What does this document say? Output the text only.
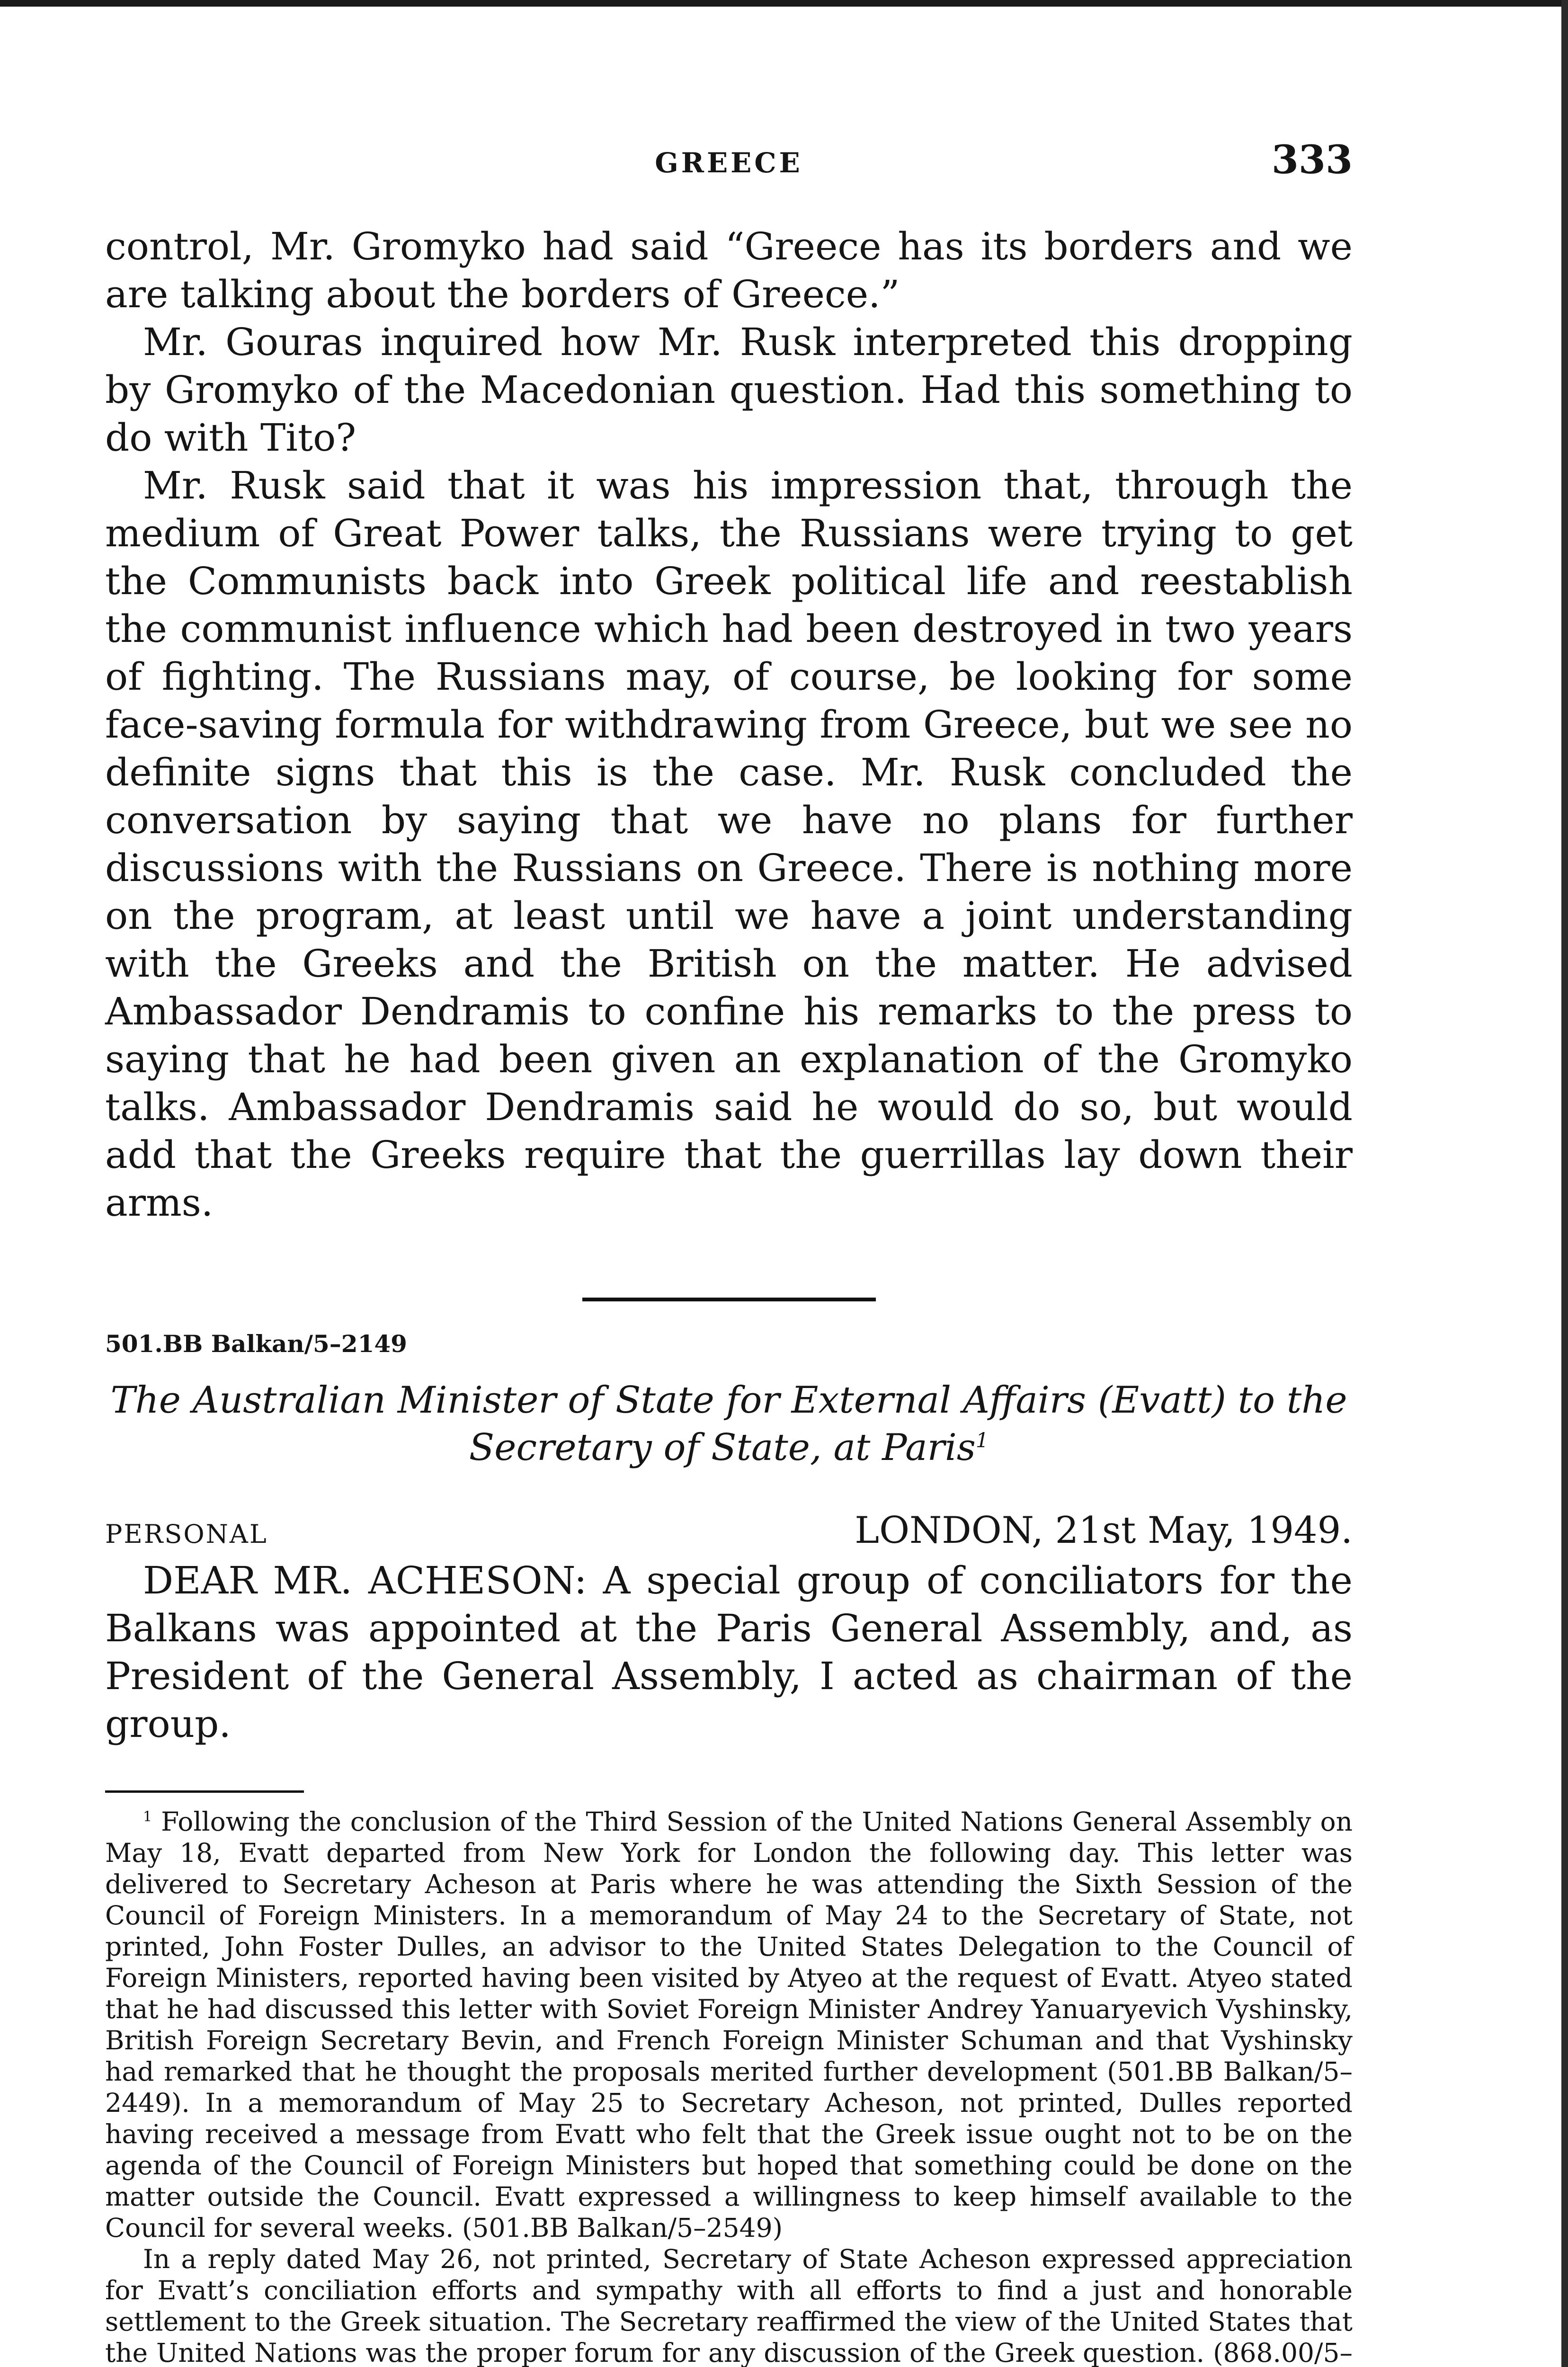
GREECE	333

control, Mr. Gromyko had said “Greece has its borders and we are talking about the borders of Greece.”

Mr. Gouras inquired how Mr. Rusk interpreted this dropping by Gromyko of the Macedonian question. Had this something to do with Tito?

Mr. Rusk said that it was his impression that, through the medium of Great Power talks, the Russians were trying to get the Communists back into Greek political life and reestablish the communist influence which had been destroyed in two years of fighting. The Russians may, of course, be looking for some face-saving formula for withdrawing from Greece, but we see no definite signs that this is the case. Mr. Rusk concluded the conversation by saying that we have no plans for further discussions with the Russians on Greece. There is nothing more on the program, at least until we have a joint understanding with the Greeks and the British on the matter. He advised Ambassador Dendramis to confine his remarks to the press to saying that he had been given an explanation of the Gromyko talks. Ambassador Dendramis said he would do so, but would add that the Greeks require that the guerrillas lay down their arms.

501.BB Balkan/5–2149

The Australian Minister of State for External Affairs (Evatt) to the Secretary of State, at Paris$^1$

PERSONAL	LONDON, 21st May, 1949.

DEAR MR. ACHESON: A special group of conciliators for the Balkans was appointed at the Paris General Assembly, and, as President of the General Assembly, I acted as chairman of the group.

$^1$ Following the conclusion of the Third Session of the United Nations General Assembly on May 18, Evatt departed from New York for London the following day. This letter was delivered to Secretary Acheson at Paris where he was attending the Sixth Session of the Council of Foreign Ministers. In a memorandum of May 24 to the Secretary of State, not printed, John Foster Dulles, an advisor to the United States Delegation to the Council of Foreign Ministers, reported having been visited by Atyeo at the request of Evatt. Atyeo stated that he had discussed this letter with Soviet Foreign Minister Andrey Yanuaryevich Vyshinsky, British Foreign Secretary Bevin, and French Foreign Minister Schuman and that Vyshinsky had remarked that he thought the proposals merited further development (501.BB Balkan/5–2449). In a memorandum of May 25 to Secretary Acheson, not printed, Dulles reported having received a message from Evatt who felt that the Greek issue ought not to be on the agenda of the Council of Foreign Ministers but hoped that something could be done on the matter outside the Council. Evatt expressed a willingness to keep himself available to the Council for several weeks. (501.BB Balkan/5–2549)

In a reply dated May 26, not printed, Secretary of State Acheson expressed appreciation for Evatt’s conciliation efforts and sympathy with all efforts to find a just and honorable settlement to the Greek situation. The Secretary reaffirmed the view of the United States that the United Nations was the proper forum for any discussion of the Greek question. (868.00/5–
